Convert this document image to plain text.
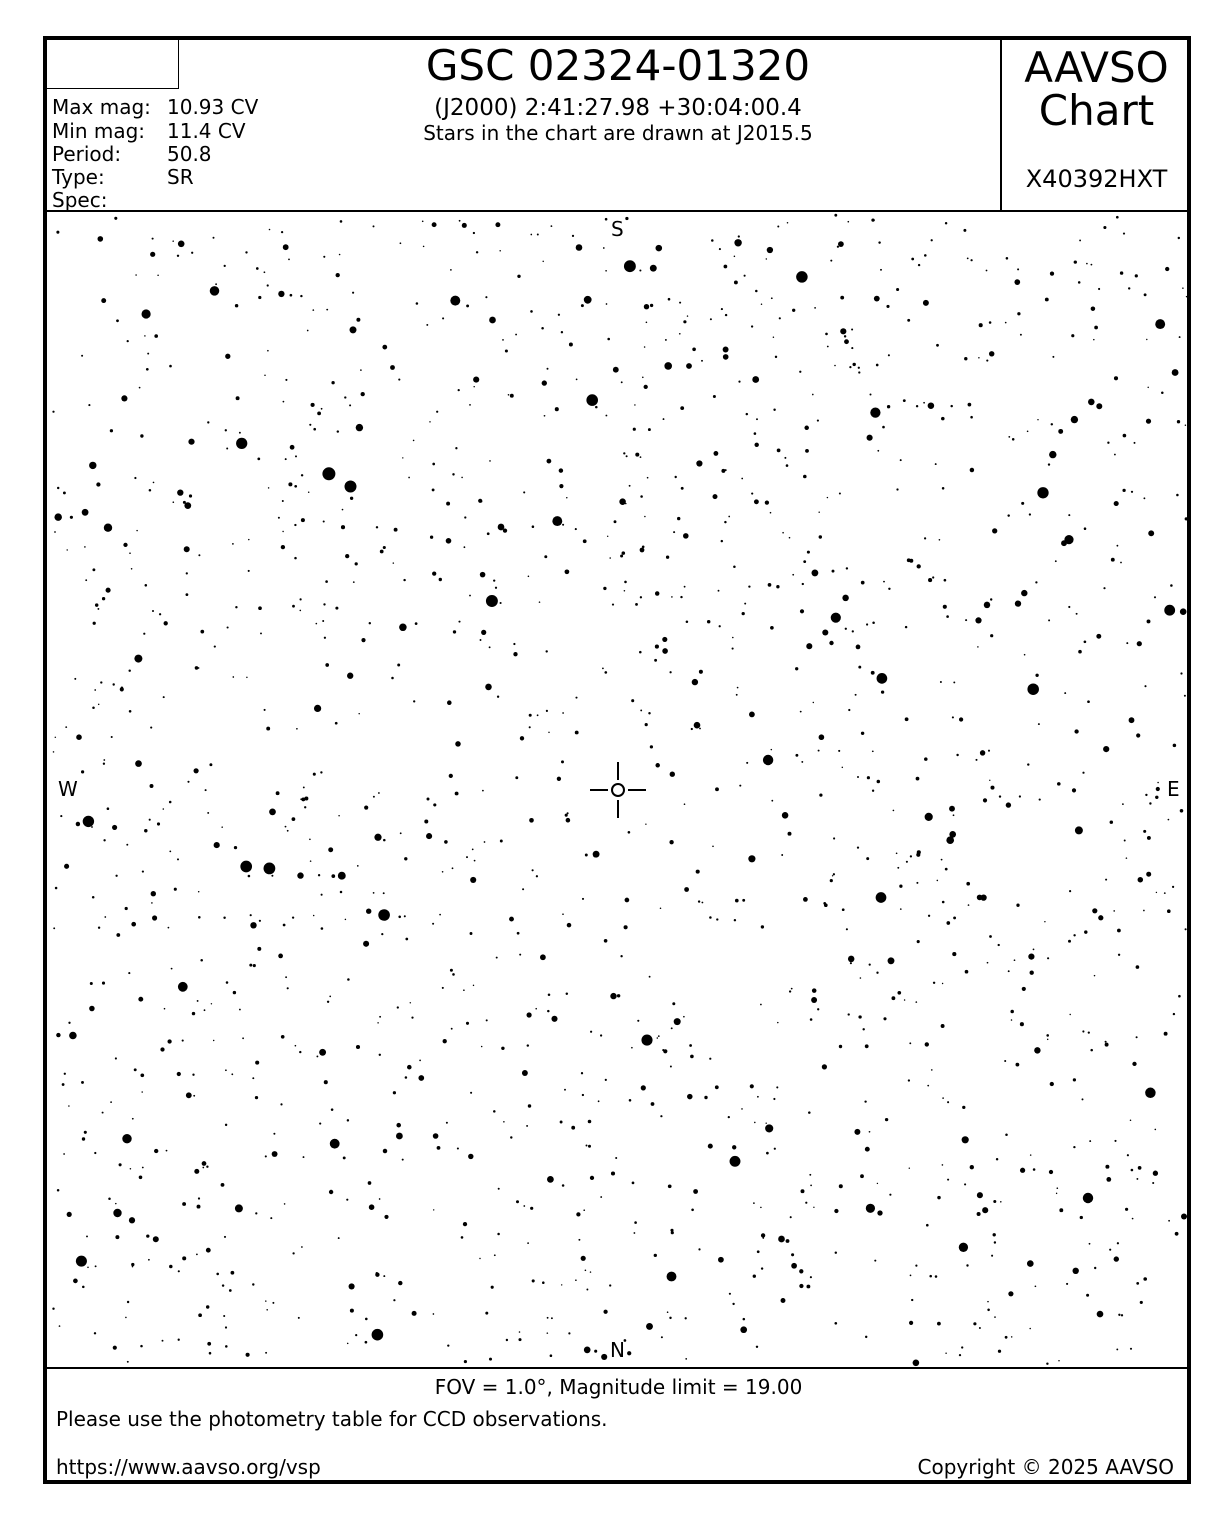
Max mag: 10.93 CV
Min mag: 11.4 CV
Period: 50.8
Type:	SR
Spec:
GSC 02324-01320
(J2000) 2:41:27.98 +30:04:00.4
Stars in the chart are drawn at J2015.5
AAVSO
Chart
X40392HXT
S
N
W	E
FOV = 1.0°, Magnitude limit = 19.00
Please use the photometry table for CCD observations.
https://www.aavso.org/vsp	Copyright © 2025 AAVSO
